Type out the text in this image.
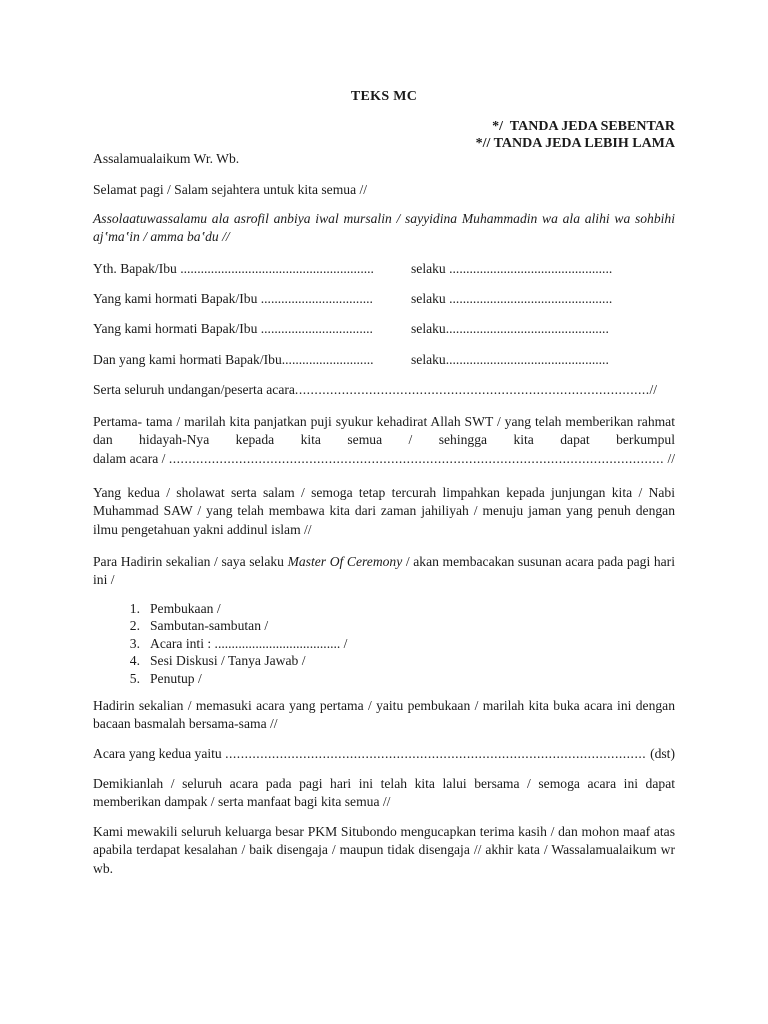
TEKS MC
*/  TANDA JEDA SEBENTAR
*// TANDA JEDA LEBIH LAMA
Assalamualaikum Wr. Wb.
Selamat pagi / Salam sejahtera untuk kita semua //
Assolaatuwassalamu ala asrofil anbiya iwal mursalin / sayyidina Muhammadin wa ala alihi wa sohbihi ajʽmaʽin / amma baʽdu //
Yth. Bapak/Ibu .........................................................	selaku ................................................
Yang kami hormati Bapak/Ibu .................................	selaku ................................................
Yang kami hormati Bapak/Ibu .................................	selaku................................................
Dan yang kami hormati Bapak/Ibu...........................	selaku................................................
Serta seluruh undangan/peserta acara .....	//
Pertama- tama / marilah kita panjatkan puji syukur kehadirat Allah SWT / yang telah memberikan rahmat dan hidayah-Nya kepada kita semua / sehingga kita dapat berkumpul
dalam acara / .....	//
Yang kedua / sholawat serta salam / semoga tetap tercurah limpahkan kepada junjungan kita / Nabi Muhammad SAW / yang telah membawa kita dari zaman jahiliyah / menuju jaman yang penuh dengan ilmu pengetahuan yakni addinul islam //
Para Hadirin sekalian / saya selaku Master Of Ceremony / akan membacakan susunan acara pada pagi hari ini /
1. Pembukaan /
2. Sambutan-sambutan /
3. Acara inti : ..................................... /
4. Sesi Diskusi / Tanya Jawab /
5. Penutup /
Hadirin sekalian / memasuki acara yang pertama / yaitu pembukaan / marilah kita buka acara ini dengan bacaan basmalah bersama-sama //
Acara yang kedua yaitu .....	(dst)
Demikianlah / seluruh acara pada pagi hari ini telah kita lalui bersama / semoga acara ini dapat memberikan dampak / serta manfaat bagi kita semua //
Kami mewakili seluruh keluarga besar PKM Situbondo mengucapkan terima kasih / dan mohon maaf atas apabila terdapat kesalahan / baik disengaja / maupun tidak disengaja // akhir kata / Wassalamualaikum wr wb.
